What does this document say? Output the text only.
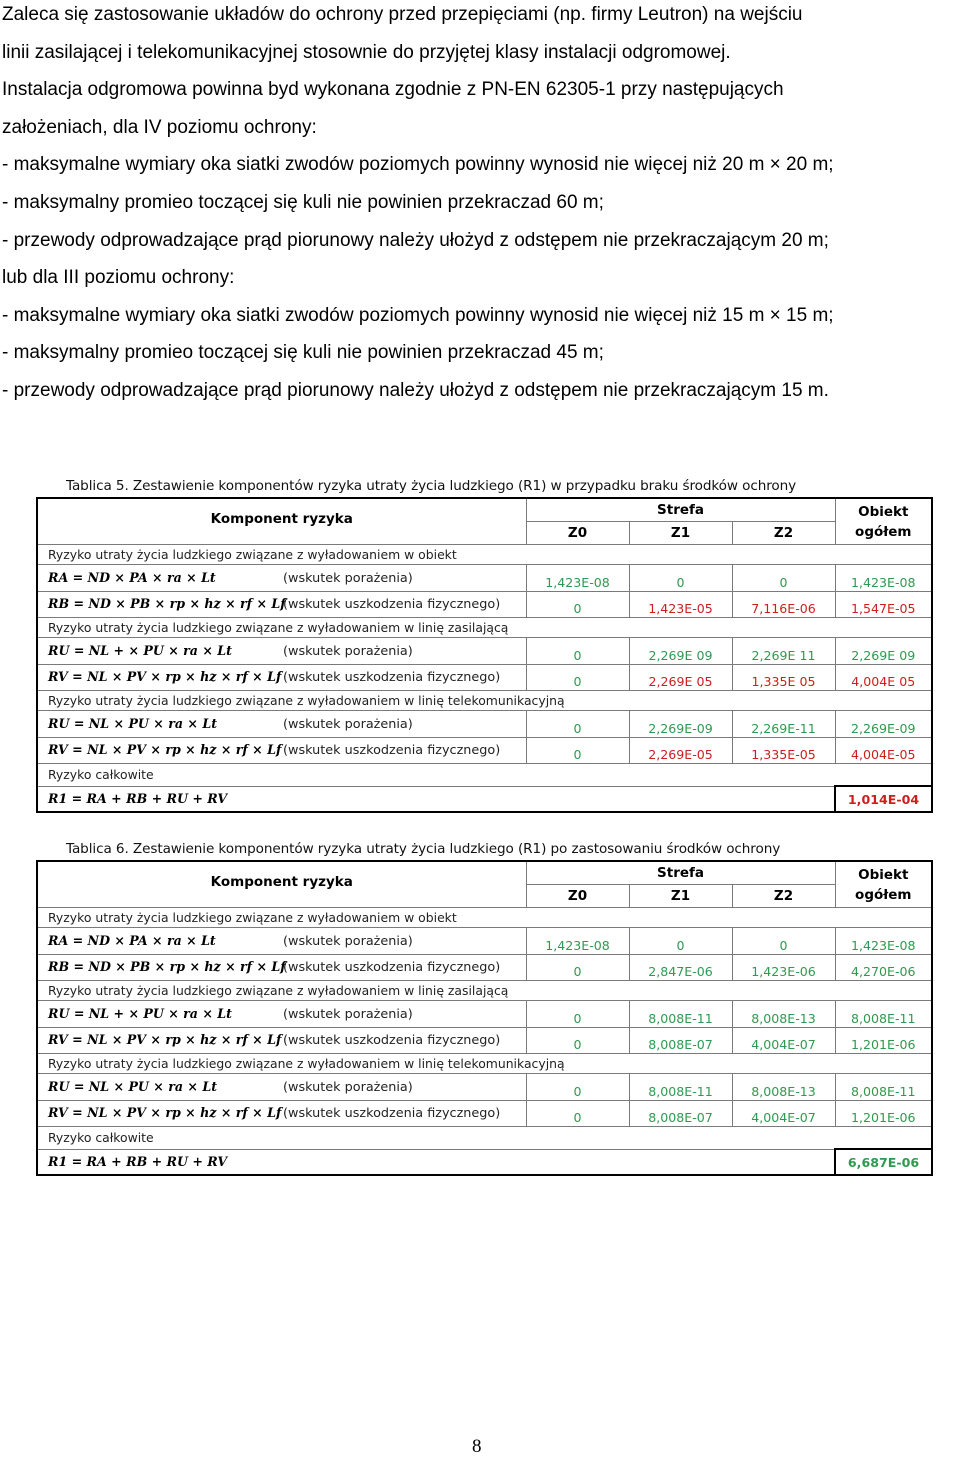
Zaleca się zastosowanie układów do ochrony przed przepięciami (np. firmy Leutron) na wejściu
linii zasilającej i telekomunikacyjnej stosownie do przyjętej klasy instalacji odgromowej.
Instalacja odgromowa powinna byd wykonana zgodnie z PN-EN 62305-1 przy następujących
założeniach, dla IV poziomu ochrony:
- maksymalne wymiary oka siatki zwodów poziomych powinny wynosid nie więcej niż 20 m × 20 m;
- maksymalny promieo toczącej się kuli nie powinien przekraczad 60 m;
- przewody odprowadzające prąd piorunowy należy ułożyd z odstępem nie przekraczającym 20 m;
lub dla III poziomu ochrony:
- maksymalne wymiary oka siatki zwodów poziomych powinny wynosid nie więcej niż 15 m × 15 m;
- maksymalny promieo toczącej się kuli nie powinien przekraczad 45 m;
- przewody odprowadzające prąd piorunowy należy ułożyd z odstępem nie przekraczającym 15 m.
Tablica 5. Zestawienie komponentów ryzyka utraty życia ludzkiego (R1) w przypadku braku środków ochrony
Komponent ryzyka	Strefa			Obiekt
ogółem

	Z0	Z1	Z2	
Ryzyko utraty życia ludzkiego związane z wyładowaniem w obiekt				
RA = ND × PA × ra × Lt (wskutek porażenia)	1,423E-08	0	0	1,423E-08
RB = ND × PB × rp × hz × rf × Lf(wskutek uszkodzenia fizycznego)	0	1,423E-05	7,116E-06	1,547E-05
Ryzyko utraty życia ludzkiego związane z wyładowaniem w linię zasilającą				
RU = NL + × PU × ra × Lt (wskutek porażenia)	0	2,269E 09	2,269E 11	2,269E 09
RV = NL × PV × rp × hz × rf × Lf (wskutek uszkodzenia fizycznego)	0	2,269E 05	1,335E 05	4,004E 05
Ryzyko utraty życia ludzkiego związane z wyładowaniem w linię telekomunikacyjną				
RU = NL × PU × ra × Lt (wskutek porażenia)	0	2,269E-09	2,269E-11	2,269E-09
RV = NL × PV × rp × hz × rf × Lf (wskutek uszkodzenia fizycznego)	0	2,269E-05	1,335E-05	4,004E-05
Ryzyko całkowite				
R1 = RA + RB + RU + RV				1,014E-04
Tablica 6. Zestawienie komponentów ryzyka utraty życia ludzkiego (R1) po zastosowaniu środków ochrony
Komponent ryzyka	Strefa			Obiekt
ogółem

	Z0	Z1	Z2	
Ryzyko utraty życia ludzkiego związane z wyładowaniem w obiekt				
RA = ND × PA × ra × Lt (wskutek porażenia)	1,423E-08	0	0	1,423E-08
RB = ND × PB × rp × hz × rf × Lf(wskutek uszkodzenia fizycznego)	0	2,847E-06	1,423E-06	4,270E-06
Ryzyko utraty życia ludzkiego związane z wyładowaniem w linię zasilającą				
RU = NL + × PU × ra × Lt (wskutek porażenia)	0	8,008E-11	8,008E-13	8,008E-11
RV = NL × PV × rp × hz × rf × Lf (wskutek uszkodzenia fizycznego)	0	8,008E-07	4,004E-07	1,201E-06
Ryzyko utraty życia ludzkiego związane z wyładowaniem w linię telekomunikacyjną				
RU = NL × PU × ra × Lt (wskutek porażenia)	0	8,008E-11	8,008E-13	8,008E-11
RV = NL × PV × rp × hz × rf × Lf (wskutek uszkodzenia fizycznego)	0	8,008E-07	4,004E-07	1,201E-06
Ryzyko całkowite				
R1 = RA + RB + RU + RV				6,687E-06
8
